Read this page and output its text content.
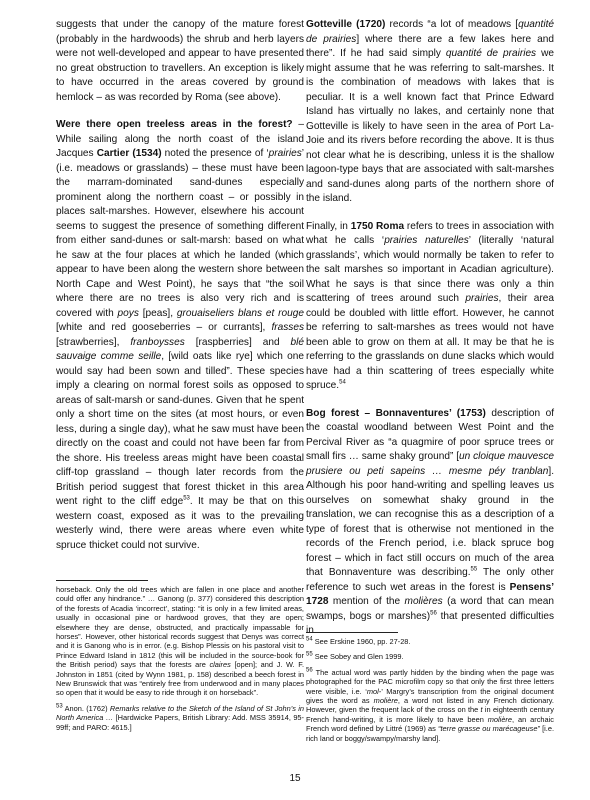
suggests that under the canopy of the mature forest (probably in the hardwoods) the shrub and herb layers were not well-developed and appear to have presented no great obstruction to travellers. An exception is likely to have occurred in the areas covered by ground hemlock – as was recorded by Roma (see above).

Were there open treeless areas in the forest? – While sailing along the north coast of the island Jacques Cartier (1534) noted the presence of ‘prairies’ (i.e. meadows or grasslands) – these must have been the marram-dominated sand-dunes especially prominent along the northern coast – or possibly in places salt-marshes. However, elsewhere his account seems to suggest the presence of something different from either sand-dunes or salt-marsh: based on what he saw at the four places at which he landed (which appear to have been along the western shore between North Cape and West Point), he says that “the soil where there are no trees is also very rich and is covered with poys [peas], grouaiseliers blans et rouge [white and red gooseberries – or currants], frasses [strawberries], franboysses [raspberries] and blé sauvaige comme seille, [wild oats like rye] which one would say had been sown and tilled”. These species imply a clearing on normal forest soils as opposed to areas of salt-marsh or sand-dunes. Given that he spent only a short time on the sites (at most hours, or even less, during a single day), what he saw must have been directly on the coast and could not have been far from the shore. His treeless areas might have been coastal cliff-top grassland – though later records from the British period suggest that forest thicket in this area went right to the cliff edge$^{53}$. It may be that on this western coast, exposed as it was to the prevailing westerly wind, there were areas where even white spruce thicket could not survive.

Gotteville (1720) records “a lot of meadows [quantité de prairies] where there are a few lakes here and there”. If he had said simply quantité de prairies we might assume that he was referring to salt-marshes. It is the combination of meadows with lakes that is peculiar. It is a well known fact that Prince Edward Island has virtually no lakes, and certainly none that Gotteville is likely to have seen in the area of Port La-Joie and its rivers before recording the above. It is thus not clear what he is describing, unless it is the shallow lagoon-type bays that are associated with salt-marshes and sand-dunes along parts of the northern shore of the island.

Finally, in 1750 Roma refers to trees in association with what he calls ‘prairies naturelles’ (literally ‘natural grasslands’, which would normally be taken to refer to the salt marshes so important in Acadian agriculture). What he says is that since there was only a thin scattering of trees around such prairies, their area could be doubled with little effort. However, he cannot be referring to salt-marshes as trees would not have been able to grow on them at all. It may be that he is referring to the grasslands on dune slacks which would have had a thin scattering of trees especially white spruce.$^{54}$

Bog forest – Bonnaventures’ (1753) description of the coastal woodland between West Point and the Percival River as “a quagmire of poor spruce trees or small firs … same shaky ground” [un cloique mauvesce prusiere ou peti sapeins … mesme péy tranblan]. Although his poor hand-writing and spelling leaves us ourselves on somewhat shaky ground in the translation, we can recognise this as a description of a type of forest that is otherwise not mentioned in the records of the French period, i.e. black spruce bog forest – which in fact still occurs on much of the area that Bonnaventure was describing.$^{55}$ The only other reference to such wet areas in the forest is Pensens’ 1728 mention of the molières (a word that can mean swamps, bogs or marshes)$^{56}$ that presented difficulties in

horseback. Only the old trees which are fallen in one place and another could offer any hindrance.” … Ganong (p. 377) considered this description of the forests of Acadia ‘incorrect’, stating: “it is only in a few limited areas, usually in occasional pine or hardwood groves, that they are open; elsewhere they are dense, obstructed, and practically impassable for horses”. However, other historical records suggest that Denys was correct and it is Ganong who is in error. (e.g. Bishop Plessis on his pastoral visit to Prince Edward Island in 1812 (this will be included in the source-book for the British period) says that the forests are claires [open]; and J. W. F. Johnston in 1851 (cited by Wynn 1981, p. 158) described a beech forest in New Brunswick that was “entirely free from underwood and in many places so open that it would be easy to ride through it on horseback”.

$^{53}$ Anon. (1762) Remarks relative to the Sketch of the Island of St John’s in North America … [Hardwicke Papers, British Library: Add. MSS 35914, 95-99ff; and PARO: 4615.]

$^{54}$ See Erskine 1960, pp. 27-28.

$^{55}$ See Sobey and Glen 1999.

$^{56}$ The actual word was partly hidden by the binding when the page was photographed for the PAC microfilm copy so that only the first three letters were visible, i.e. ‘mol-’ Margry’s transcription from the original document gives the word as molière, a word not listed in any French dictionary. However, given the frequent lack of the cross on the t in eighteenth century French hand-writing, it is more likely to have been molière, an archaic French word defined by Littré (1969) as “terre grasse ou marécageuse” [i.e. rich land or boggy/swampy/marshy land].

15
